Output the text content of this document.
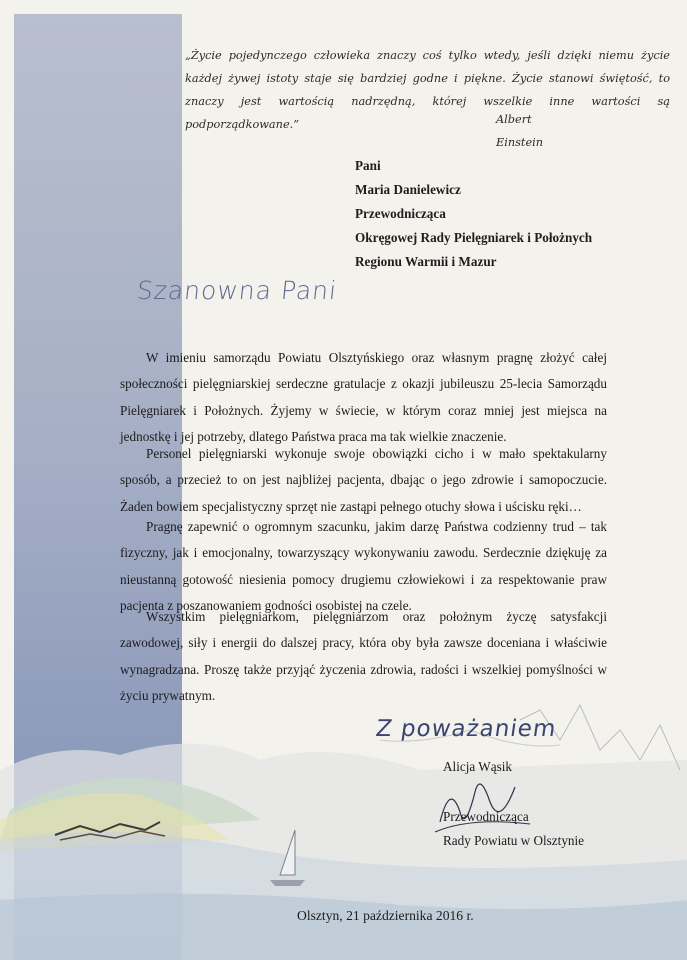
„Życie pojedynczego człowieka znaczy coś tylko wtedy, jeśli dzięki niemu życie każdej żywej istoty staje się bardziej godne i piękne. Życie stanowi świętość, to znaczy jest wartością nadrzędną, której wszelkie inne wartości są podporządkowane.”	Albert Einstein
Pani
Maria Danielewicz
Przewodnicząca
Okręgowej Rady Pielęgniarek i Położnych
Regionu Warmii i Mazur
Szanowna Pani

W imieniu samorządu Powiatu Olsztyńskiego oraz własnym pragnę złożyć całej społeczności pielęgniarskiej serdeczne gratulacje z okazji jubileuszu 25-lecia Samorządu Pielęgniarek i Położnych. Żyjemy w świecie, w którym coraz mniej jest miejsca na jednostkę i jej potrzeby, dlatego Państwa praca ma tak wielkie znaczenie.

Personel pielęgniarski wykonuje swoje obowiązki cicho i w mało spektakularny sposób, a przecież to on jest najbliżej pacjenta, dbając o jego zdrowie i samopoczucie. Żaden bowiem specjalistyczny sprzęt nie zastąpi pełnego otuchy słowa i uścisku ręki…

Pragnę zapewnić o ogromnym szacunku, jakim darzę Państwa codzienny trud – tak fizyczny, jak i emocjonalny, towarzyszący wykonywaniu zawodu. Serdecznie dziękuję za nieustanną gotowość niesienia pomocy drugiemu człowiekowi i za respektowanie praw pacjenta z poszanowaniem godności osobistej na czele.

Wszystkim pielęgniarkom, pielęgniarzom oraz położnym życzę satysfakcji zawodowej, siły i energii do dalszej pracy, która oby była zawsze doceniana i właściwie wynagradzana. Proszę także przyjąć życzenia zdrowia, radości i wszelkiej pomyślności w życiu prywatnym.

Z poważaniem
Alicja Wąsik
Przewodnicząca
Rady Powiatu w Olsztynie
Olsztyn, 21 października 2016 r.
